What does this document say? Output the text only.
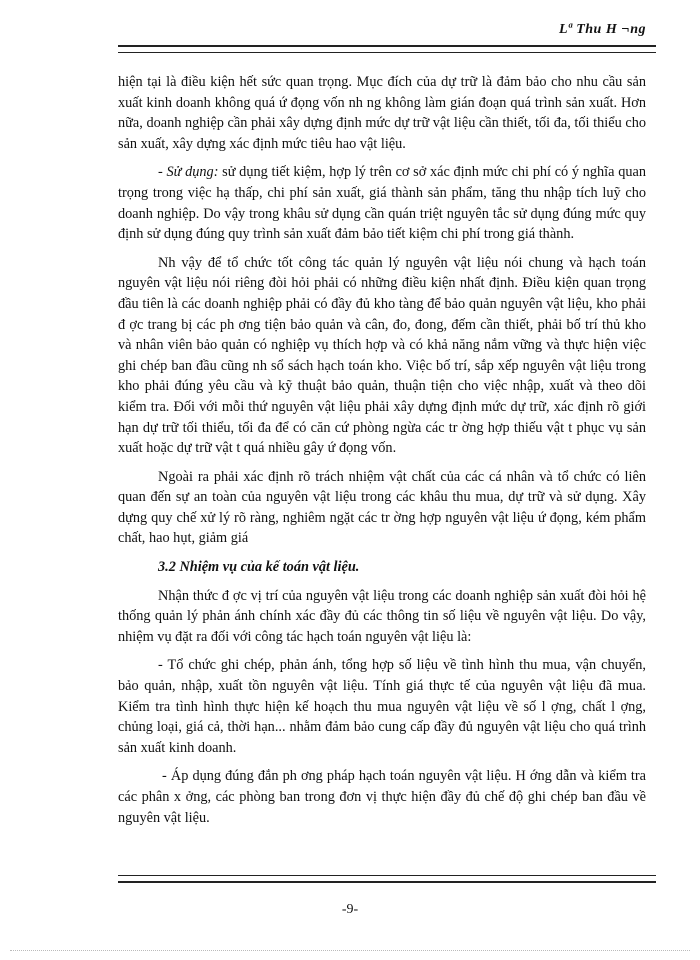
Lª Thu H ¬ng

hiện tại là điều kiện hết sức quan trọng. Mục đích của dự trữ là đảm bảo cho nhu cầu sản xuất kinh doanh không quá ứ đọng vốn nh ng không làm gián đoạn quá trình sản xuất. Hơn nữa, doanh nghiệp cần phải xây dựng định mức dự trữ vật liệu cần thiết, tối đa, tối thiểu cho sản xuất, xây dựng xác định mức tiêu hao vật liệu.

- Sử dụng: sử dụng tiết kiệm, hợp lý trên cơ sở xác định mức chi phí có ý nghĩa quan trọng trong việc hạ thấp, chi phí sản xuất, giá thành sản phẩm, tăng thu nhập tích luỹ cho doanh nghiệp. Do vậy trong khâu sử dụng cần quán triệt nguyên tắc sử dụng đúng mức quy định sử dụng đúng quy trình sản xuất đảm bảo tiết kiệm chi phí trong giá thành.

Nh vậy để tổ chức tốt công tác quản lý nguyên vật liệu nói chung và hạch toán nguyên vật liệu nói riêng đòi hỏi phải có những điều kiện nhất định. Điều kiện quan trọng đầu tiên là các doanh nghiệp phải có đầy đủ kho tàng để bảo quản nguyên vật liệu, kho phải đ ợc trang bị các ph ơng tiện bảo quản và cân, đo, đong, đếm cần thiết, phải bố trí thủ kho và nhân viên bảo quản có nghiệp vụ thích hợp và có khả năng nắm vững và thực hiện việc ghi chép ban đầu cũng nh sổ sách hạch toán kho. Việc bố trí, sắp xếp nguyên vật liệu trong kho phải đúng yêu cầu và kỹ thuật bảo quản, thuận tiện cho việc nhập, xuất và theo dõi kiểm tra. Đối với mỗi thứ nguyên vật liệu phải xây dựng định mức dự trữ, xác định rõ giới hạn dự trữ tối thiểu, tối đa để có căn cứ phòng ngừa các tr ờng hợp thiếu vật t phục vụ sản xuất hoặc dự trữ vật t quá nhiều gây ứ đọng vốn.

Ngoài ra phải xác định rõ trách nhiệm vật chất của các cá nhân và tổ chức có liên quan đến sự an toàn của nguyên vật liệu trong các khâu thu mua, dự trữ và sử dụng. Xây dựng quy chế xử lý rõ ràng, nghiêm ngặt các tr ờng hợp nguyên vật liệu ứ đọng, kém phẩm chất, hao hụt, giảm giá

3.2 Nhiệm vụ của kế toán vật liệu.

Nhận thức đ ợc vị trí của nguyên vật liệu trong các doanh nghiệp sản xuất đòi hỏi hệ thống quản lý phản ánh chính xác đầy đủ các thông tin số liệu về nguyên vật liệu. Do vậy, nhiệm vụ đặt ra đối với công tác hạch toán nguyên vật liệu là:

- Tổ chức ghi chép, phản ánh, tổng hợp số liệu về tình hình thu mua, vận chuyển, bảo quản, nhập, xuất tồn nguyên vật liệu. Tính giá thực tế của nguyên vật liệu đã mua. Kiểm tra tình hình thực hiện kế hoạch thu mua nguyên vật liệu về số l ợng, chất l ợng, chủng loại, giá cả, thời hạn... nhằm đảm bảo cung cấp đầy đủ nguyên vật liệu cho quá trình sản xuất kinh doanh.

- Áp dụng đúng đắn ph ơng pháp hạch toán nguyên vật liệu. H ớng dẫn và kiểm tra các phân x ởng, các phòng ban trong đơn vị thực hiện đầy đủ chế độ ghi chép ban đầu về nguyên vật liệu.

-9-
